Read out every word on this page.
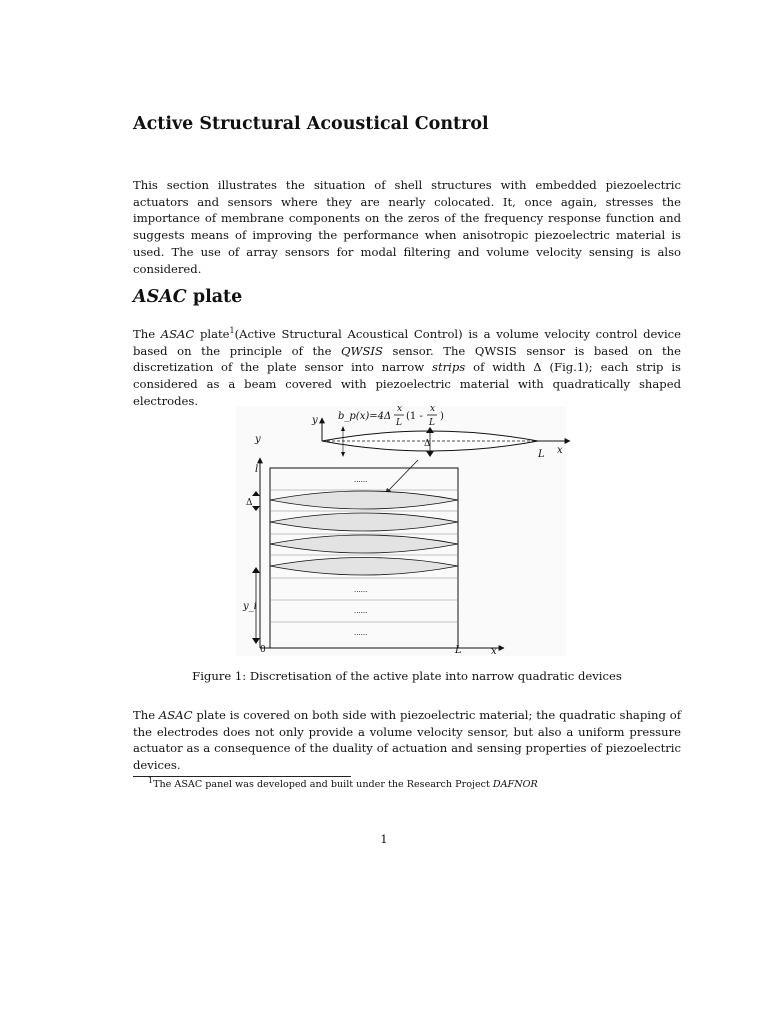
Active Structural Acoustical Control

This section illustrates the situation of shell structures with embedded piezoelectric actuators and sensors where they are nearly colocated. It, once again, stresses the importance of membrane components on the zeros of the frequency response function and suggests means of improving the performance when anisotropic piezoelectric material is used. The use of array sensors for modal filtering and volume velocity sensing is also considered.

ASAC plate

The ASAC plate$^1$(Active Structural Acoustical Control) is a volume velocity control device based on the principle of the QWSIS sensor. The QWSIS sensor is based on the discretization of the plate sensor into narrow strips of width Δ (Fig.1); each strip is considered as a beam covered with piezoelectric material with quadratically shaped electrodes.

y
x
L
Δ
b_p(x)=4Δ
x
L
(1 -
x
L
)
......
......
......
......
y
l
Δ
y_i
0	L	x

Figure 1: Discretisation of the active plate into narrow quadratic devices

The ASAC plate is covered on both side with piezoelectric material; the quadratic shaping of the electrodes does not only provide a volume velocity sensor, but also a uniform pressure actuator as a consequence of the duality of actuation and sensing properties of piezoelectric devices.

$^1$The ASAC panel was developed and built under the Research Project DAFNOR

1
